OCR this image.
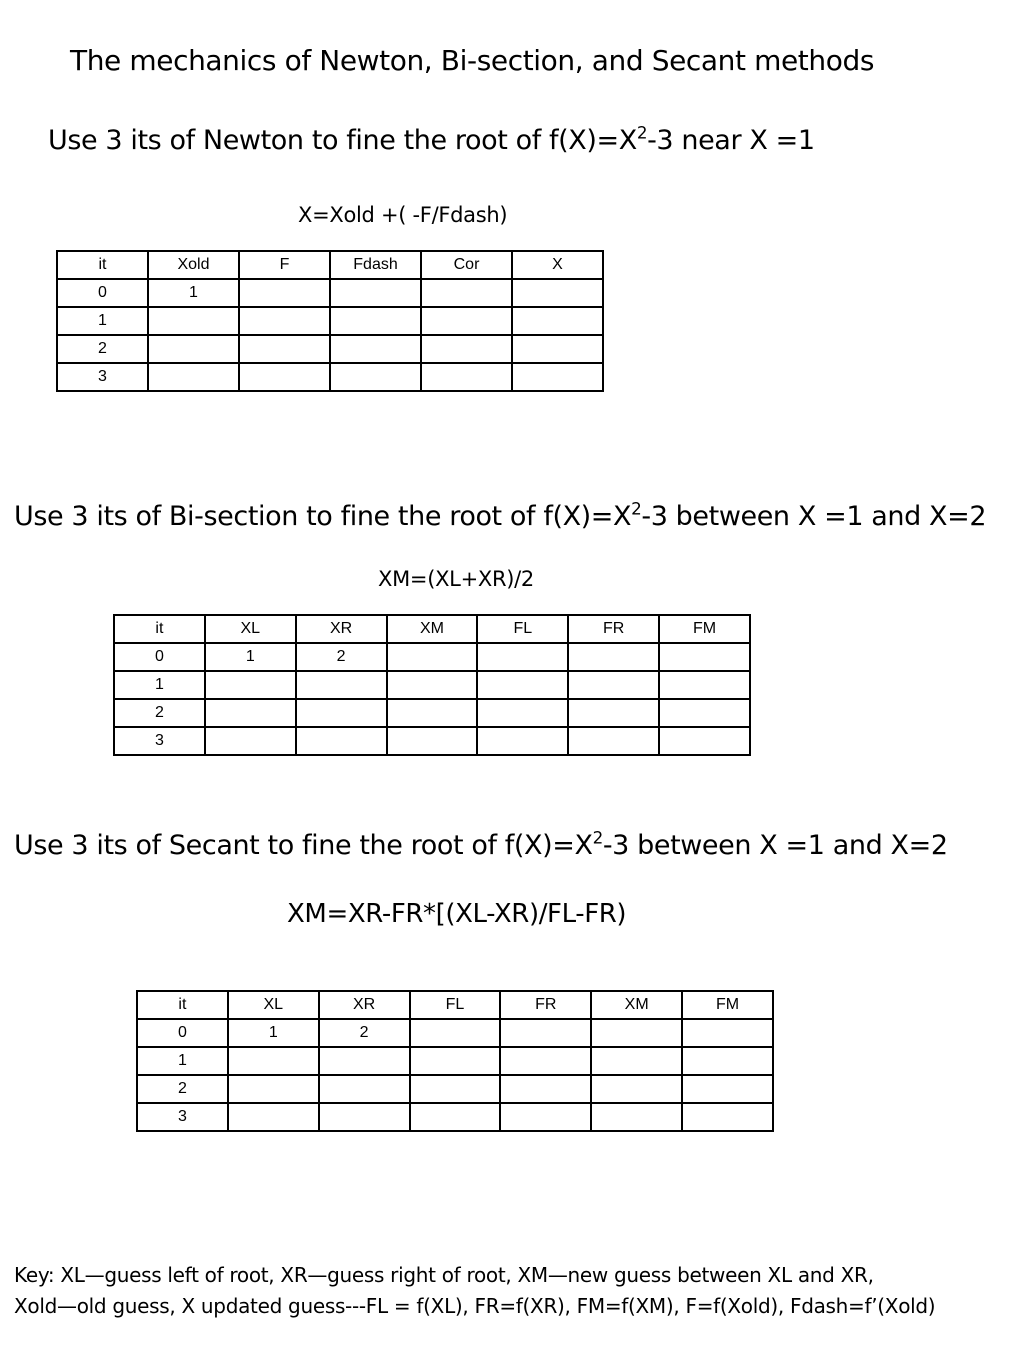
The mechanics of Newton, Bi-section, and Secant methods
Use 3 its of Newton to fine the root of $f(X)=X^2-3$ near X =1
X=Xold +( -F/Fdash)
it	Xold	F	Fdash	Cor	X
0	1				
1					
2					
3					
Use 3 its of Bi-section to fine the root of $f(X)=X^2-3$ between X =1 and X=2
XM=(XL+XR)/2
it	XL	XR	XM	FL	FR	FM
0	1	2				
1						
2						
3						
Use 3 its of Secant to fine the root of $f(X)=X^2-3$ between X =1 and X=2
XM=XR-FR*[(XL-XR)/FL-FR)
it	XL	XR	FL	FR	XM	FM
0	1	2				
1						
2						
3						
Key: XL—guess left of root, XR—guess right of root, XM—new guess between XL and XR,
Xold—old guess, X updated guess---FL = f(XL), FR=f(XR), FM=f(XM), F=f(Xold), Fdash=f’(Xold)
